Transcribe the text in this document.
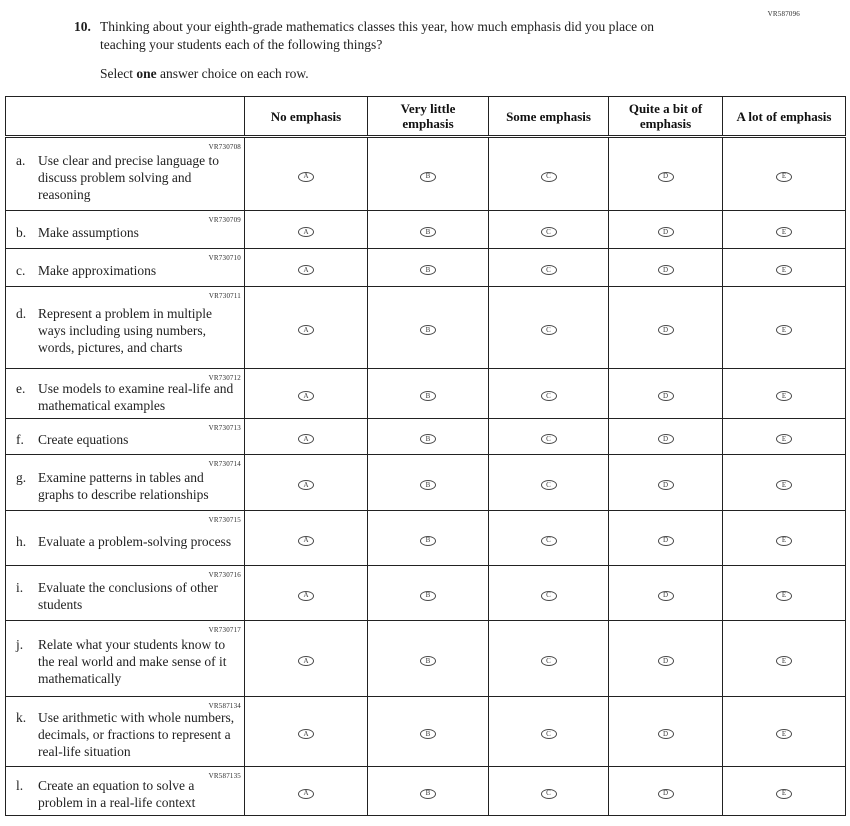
VR587096
10. Thinking about your eighth-grade mathematics classes this year, how much emphasis did you place on teaching your students each of the following things?
Select one answer choice on each row.
	No emphasis	Very little emphasis	Some emphasis	Quite a bit of emphasis	A lot of emphasis

VR730708
a. Use clear and precise language to discuss problem solving and reasoning	A	B	C	D	E

VR730709
b. Make assumptions	A	B	C	D	E

VR730710
c. Make approximations	A	B	C	D	E

VR730711
d. Represent a problem in multiple ways including using numbers, words, pictures, and charts	A	B	C	D	E

VR730712
e. Use models to examine real-life and mathematical examples	A	B	C	D	E

VR730713
f. Create equations	A	B	C	D	E

VR730714
g. Examine patterns in tables and graphs to describe relationships	A	B	C	D	E

VR730715
h. Evaluate a problem-solving process	A	B	C	D	E

VR730716
i. Evaluate the conclusions of other students	A	B	C	D	E

VR730717
j. Relate what your students know to the real world and make sense of it mathematically	A	B	C	D	E

VR587134
k. Use arithmetic with whole numbers, decimals, or fractions to represent a real-life situation	A	B	C	D	E

VR587135
l. Create an equation to solve a problem in a real-life context	A	B	C	D	E
